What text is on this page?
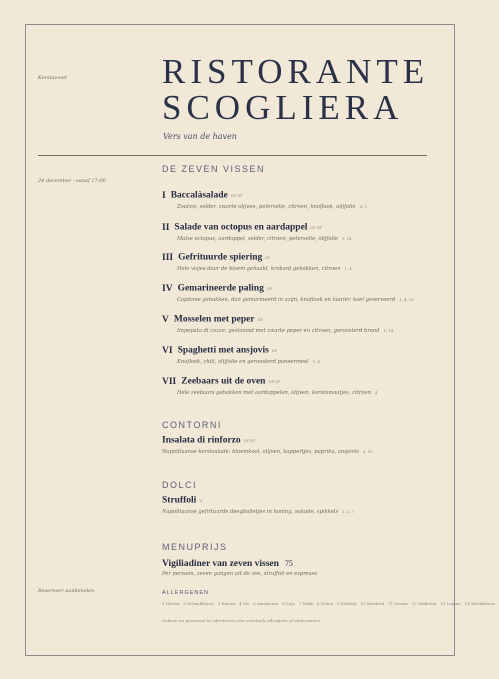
Kerstavond	RISTORANTE
SCOGLIERA
Vers van de haven
24 december · vanaf 17:00
Reserveer aanbevolen
DE ZEVEN VISSEN
I Baccalàsalade GF DF
Zoutvis, selder, zwarte olijven, peterselie, citroen, knoflook, olijfolie 4, 9
II Salade van octopus en aardappel GF DF
Malse octopus, aardappel, selder, citroen, peterselie, olijfolie 9, 14
III Gefrituurde spiering DF
Hele visjes door de bloem gehaald, krokant gebakken, citroen 1, 4
IV Gemarineerde paling DF
Capitone gebakken, dan gemarineerd in azijn, knoflook en laurier, koel geserveerd 1, 4, 10
V Mosselen met peper DF
Impepata di cozze: gestoomd met zwarte peper en citroen, geroosterd brood 1, 14
VI Spaghetti met ansjovis DF
Knoflook, chili, olijfolie en geroosterd paneermeel 1, 4
VII Zeebaars uit de oven GF DF
Hele zeebaars gebakken met aardappelen, olijven, kerstomaatjes, citroen 4
CONTORNI
Insalata di rinforzo GF DF
Napolitaanse kerstsalade: bloemkool, olijven, kappertjes, paprika, ansjovis 4, 10
DOLCI
Struffoli V
Napolitaanse gefrituurde deegbolletjes in honing, sukade, spikkels 1, 3, 7
MENUPRIJS
Vigiliadiner van zeven vissen 75
Per persoon, zeven gangen uit de zee, struffoli en espresso
ALLERGENEN
1 Gluten 3 Schaaldieren 3 Eieren 4 Vis 5 Aardnoten 6 Soja 7 Melk 8 Noten 9 Selderij 10 Mosterd 11 Sesam 12 Sulfieten 13 Lupine 14 Weekdieren
Gelieve uw personeel te informeren over eventuele allergieën of intoleranties
